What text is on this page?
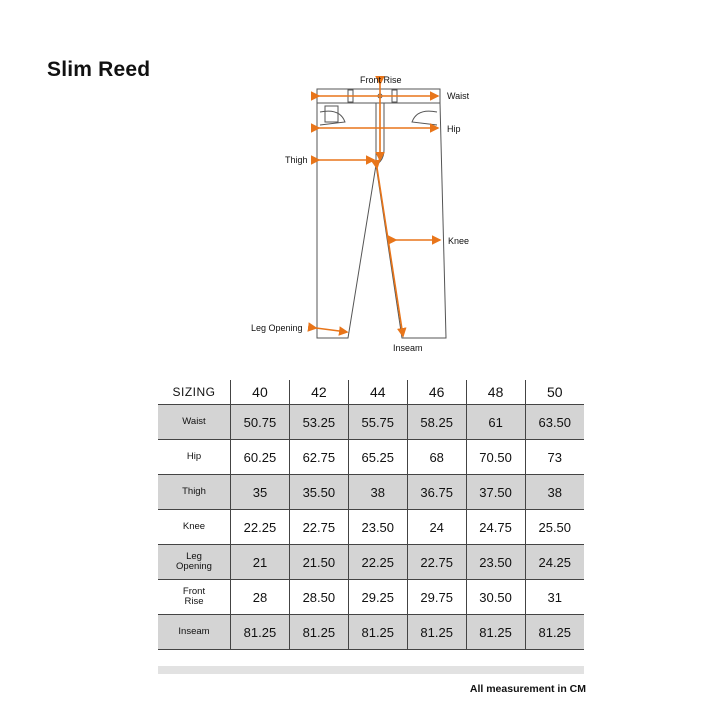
Slim Reed	Front Rise
Waist
Hip
Thigh
Knee
Leg Opening
Inseam
SIZING	40	42	44	46	48	50
Waist	50.75	53.25	55.75	58.25	61	63.50
Hip	60.25	62.75	65.25	68	70.50	73
Thigh	35	35.50	38	36.75	37.50	38
Knee	22.25	22.75	23.50	24	24.75	25.50
Leg
Opening	21	21.50	22.25	22.75	23.50	24.25
Front
Rise	28	28.50	29.25	29.75	30.50	31
Inseam	81.25	81.25	81.25	81.25	81.25	81.25
All measurement in CM
